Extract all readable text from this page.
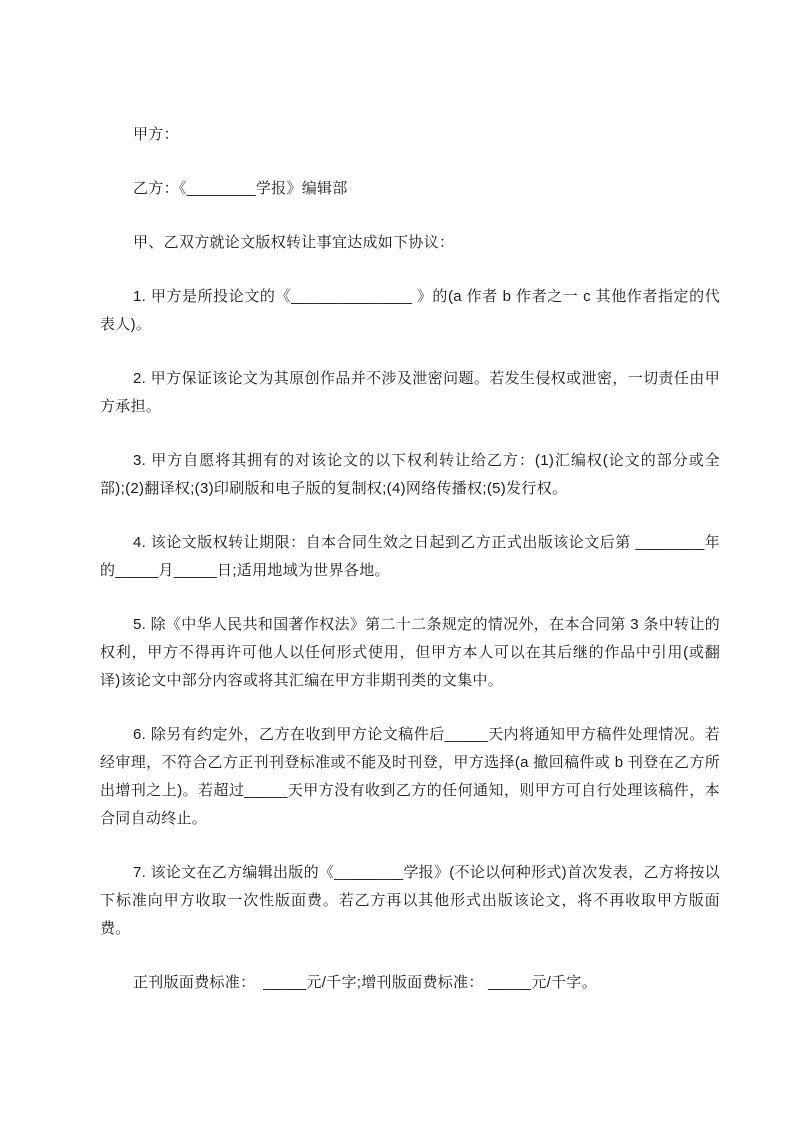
甲方：

乙方：《________学报》编辑部

甲、乙双方就论文版权转让事宜达成如下协议：

1. 甲方是所投论文的《______________ 》的(a 作者 b 作者之一 c 其他作者指定的代表人)。

2. 甲方保证该论文为其原创作品并不涉及泄密问题。若发生侵权或泄密，一切责任由甲方承担。

3. 甲方自愿将其拥有的对该论文的以下权利转让给乙方：(1)汇编权(论文的部分或全部);(2)翻译权;(3)印刷版和电子版的复制权;(4)网络传播权;(5)发行权。

4. 该论文版权转让期限：自本合同生效之日起到乙方正式出版该论文后第 ________年的_____月_____日;适用地域为世界各地。

5. 除《中华人民共和国著作权法》第二十二条规定的情况外，在本合同第 3 条中转让的权利，甲方不得再许可他人以任何形式使用，但甲方本人可以在其后继的作品中引用(或翻译)该论文中部分内容或将其汇编在甲方非期刊类的文集中。

6. 除另有约定外，乙方在收到甲方论文稿件后_____天内将通知甲方稿件处理情况。若经审理，不符合乙方正刊刊登标准或不能及时刊登，甲方选择(a 撤回稿件或 b 刊登在乙方所出增刊之上)。若超过_____天甲方没有收到乙方的任何通知，则甲方可自行处理该稿件，本合同自动终止。

7. 该论文在乙方编辑出版的《________学报》(不论以何种形式)首次发表，乙方将按以下标准向甲方收取一次性版面费。若乙方再以其他形式出版该论文，将不再收取甲方版面费。

正刊版面费标准：　_____元/千字;增刊版面费标准： _____元/千字。
